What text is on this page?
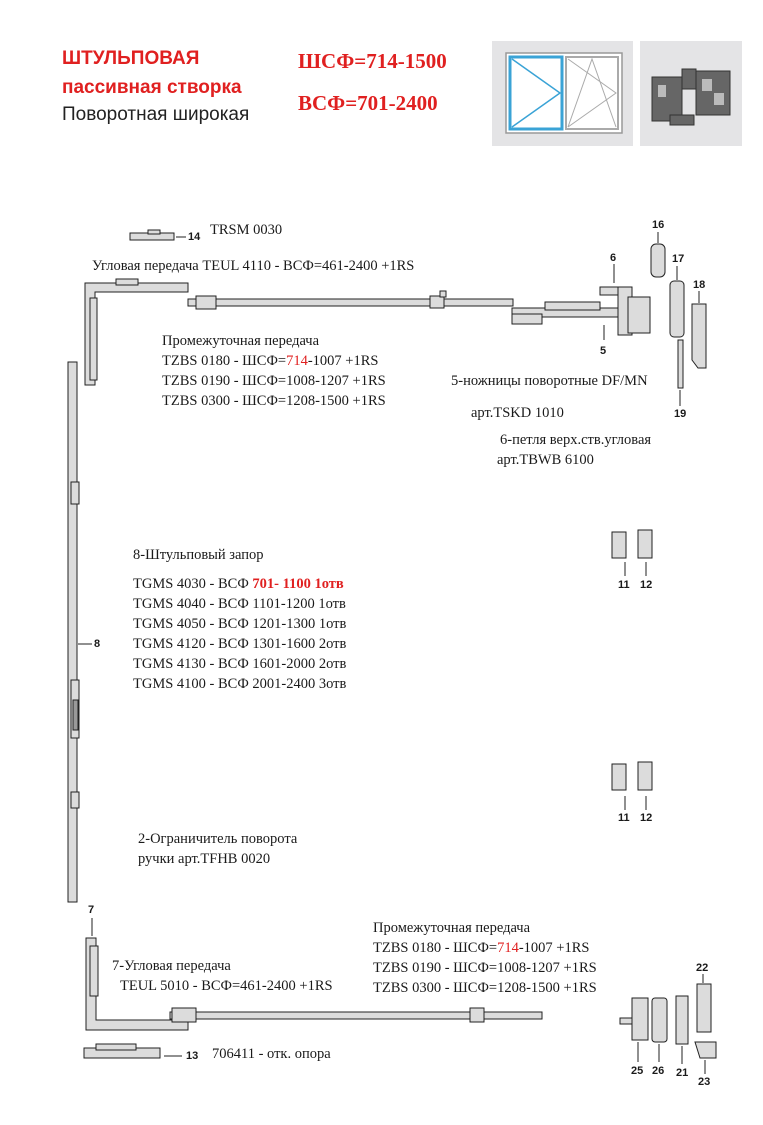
ШТУЛЬПОВАЯ
пассивная створка
Поворотная широкая
ШСФ=714-1500
ВСФ=701-2400
14
16
17
18
6
5
19
8
11 12
11 12
7
13
22
25 26 21
23
TRSM 0030
Угловая передача TEUL 4110 - ВСФ=461-2400 +1RS
Промежуточная передача
TZBS 0180 - ШСФ=714-1007 +1RS
TZBS 0190 - ШСФ=1008-1207 +1RS
TZBS 0300 - ШСФ=1208-1500 +1RS
5-ножницы поворотные DF/MN
арт.TSKD 1010
6-петля верх.ств.угловая
арт.TBWB 6100
8-Штульповый запор
TGMS 4030 - ВСФ 701- 1100 1отв
TGMS 4040 - ВСФ 1101-1200 1отв
TGMS 4050 - ВСФ 1201-1300 1отв
TGMS 4120 - ВСФ 1301-1600 2отв
TGMS 4130 - ВСФ 1601-2000 2отв
TGMS 4100 - ВСФ 2001-2400 3отв
2-Ограничитель поворота
ручки арт.TFHB 0020
Промежуточная передача
TZBS 0180 - ШСФ=714-1007 +1RS
TZBS 0190 - ШСФ=1008-1207 +1RS
TZBS 0300 - ШСФ=1208-1500 +1RS
7-Угловая передача
TEUL 5010 - ВСФ=461-2400 +1RS
706411 - отк. опора
